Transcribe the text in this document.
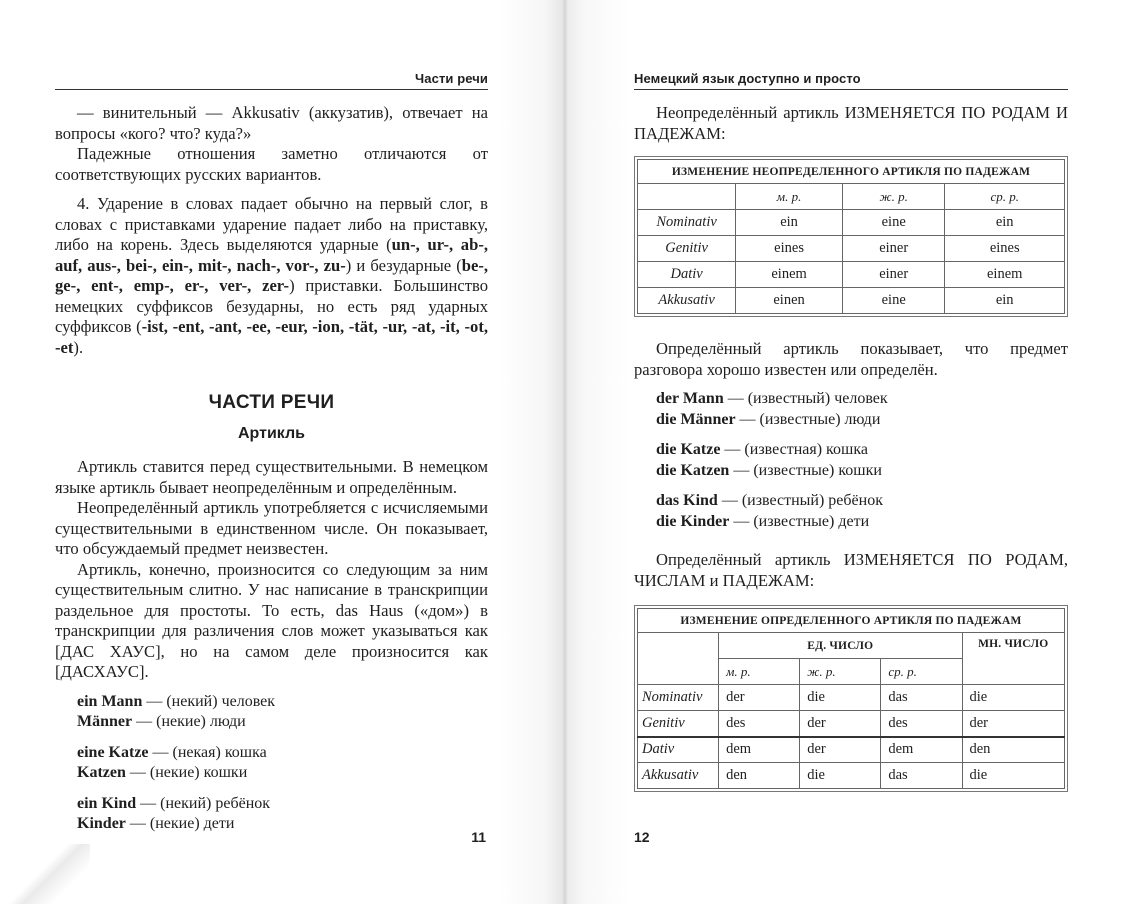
Части речи

— винительный — Akkusativ (аккузатив), отвечает на вопросы «кого? что? куда?»

Падежные отношения заметно отличаются от соответствующих русских вариантов.

4. Ударение в словах падает обычно на первый слог, в словах с приставками ударение падает либо на приставку, либо на корень. Здесь выделяются ударные (un-, ur-, ab-, auf, aus-, bei-, ein-, mit-, nach-, vor-, zu-) и безударные (be-, ge-, ent-, emp-, er-, ver-, zer-) приставки. Большинство немецких суффиксов безударны, но есть ряд ударных суффиксов (-ist, -ent, -ant, -ee, -eur, -ion, -tät, -ur, -at, -it, -ot, -et).

ЧАСТИ РЕЧИ
Артикль

Артикль ставится перед существительными. В немецком языке артикль бывает неопределённым и определённым.

Неопределённый артикль употребляется с исчисляемыми существительными в единственном числе. Он показывает, что обсуждаемый предмет неизвестен.

Артикль, конечно, произносится со следующим за ним существительным слитно. У нас написание в транскрипции раздельное для простоты. То есть, das Haus («дом») в транскрипции для различения слов может указываться как [ДАС ХАУС], но на самом деле произносится как [ДАСХАУС].

ein Mann — (некий) человек
Männer — (некие) люди
eine Katze — (некая) кошка
Katzen — (некие) кошки
ein Kind — (некий) ребёнок
Kinder — (некие) дети
11
Немецкий язык доступно и просто

Неопределённый артикль ИЗМЕНЯЕТСЯ ПО РОДАМ И ПАДЕЖАМ:

ИЗМЕНЕНИЕ НЕОПРЕДЕЛЕННОГО АРТИКЛЯ ПО ПАДЕЖАМ			
	м. р.	ж. р.	ср. р.
Nominativ	ein	eine	ein
Genitiv	eines	einer	eines
Dativ	einem	einer	einem
Akkusativ	einen	eine	ein

Определённый артикль показывает, что предмет разговора хорошо известен или определён.

der Mann — (известный) человек
die Männer — (известные) люди
die Katze — (известная) кошка
die Katzen — (известные) кошки
das Kind — (известный) ребёнок
die Kinder — (известные) дети

Определённый артикль ИЗМЕНЯЕТСЯ ПО РОДАМ, ЧИСЛАМ и ПАДЕЖАМ:

ИЗМЕНЕНИЕ ОПРЕДЕЛЕННОГО АРТИКЛЯ ПО ПАДЕЖАМ				
	ЕД. ЧИСЛО			МН. ЧИСЛО
	м. р.	ж. р.	ср. р.	
Nominativ	der	die	das	die
Genitiv	des	der	des	der
Dativ	dem	der	dem	den
Akkusativ	den	die	das	die
12
